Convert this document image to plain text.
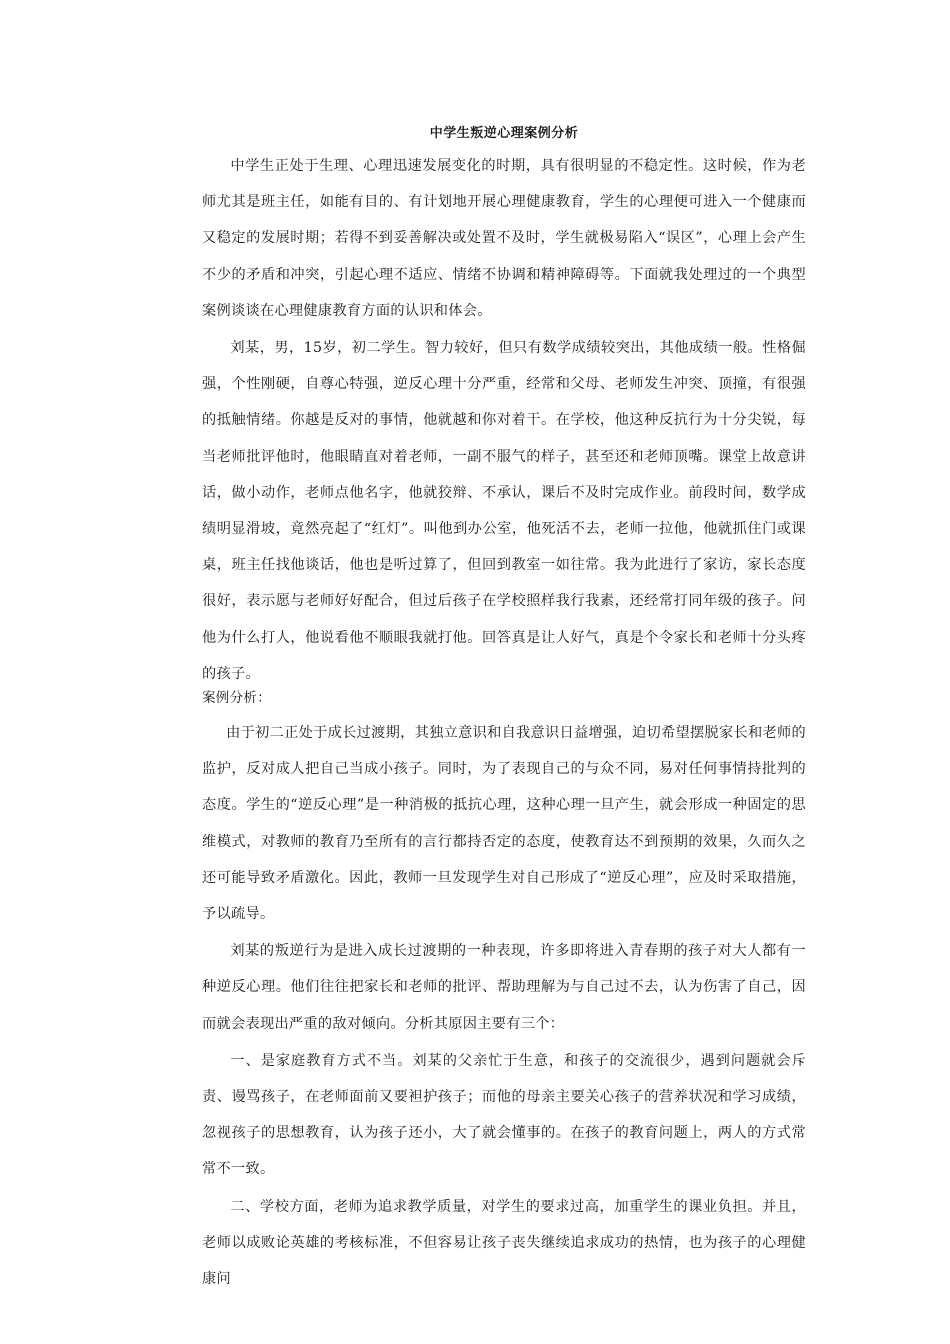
中学生叛逆心理案例分析

中学生正处于生理、心理迅速发展变化的时期，具有很明显的不稳定性。这时候，作为老师尤其是班主任，如能有目的、有计划地开展心理健康教育，学生的心理便可进入一个健康而又稳定的发展时期；若得不到妥善解决或处置不及时，学生就极易陷入“误区”，心理上会产生不少的矛盾和冲突，引起心理不适应、情绪不协调和精神障碍等。下面就我处理过的一个典型案例谈谈在心理健康教育方面的认识和体会。

刘某，男，15岁，初二学生。智力较好，但只有数学成绩较突出，其他成绩一般。性格倔强，个性刚硬，自尊心特强，逆反心理十分严重，经常和父母、老师发生冲突、顶撞，有很强的抵触情绪。你越是反对的事情，他就越和你对着干。在学校，他这种反抗行为十分尖锐，每当老师批评他时，他眼睛直对着老师，一副不服气的样子，甚至还和老师顶嘴。课堂上故意讲话，做小动作，老师点他名字，他就狡辩、不承认，课后不及时完成作业。前段时间，数学成绩明显滑坡，竟然亮起了“红灯”。叫他到办公室，他死活不去，老师一拉他，他就抓住门或课桌，班主任找他谈话，他也是听过算了，但回到教室一如往常。我为此进行了家访，家长态度很好，表示愿与老师好好配合，但过后孩子在学校照样我行我素，还经常打同年级的孩子。问他为什么打人，他说看他不顺眼我就打他。回答真是让人好气，真是个令家长和老师十分头疼的孩子。

案例分析：

由于初二正处于成长过渡期，其独立意识和自我意识日益增强，迫切希望摆脱家长和老师的监护，反对成人把自己当成小孩子。同时，为了表现自己的与众不同，易对任何事情持批判的态度。学生的“逆反心理”是一种消极的抵抗心理，这种心理一旦产生，就会形成一种固定的思维模式，对教师的教育乃至所有的言行都持否定的态度，使教育达不到预期的效果，久而久之还可能导致矛盾激化。因此，教师一旦发现学生对自己形成了“逆反心理”，应及时采取措施，予以疏导。

刘某的叛逆行为是进入成长过渡期的一种表现，许多即将进入青春期的孩子对大人都有一种逆反心理。他们往往把家长和老师的批评、帮助理解为与自己过不去，认为伤害了自己，因而就会表现出严重的敌对倾向。分析其原因主要有三个：

一、是家庭教育方式不当。刘某的父亲忙于生意，和孩子的交流很少，遇到问题就会斥责、谩骂孩子，在老师面前又要袒护孩子；而他的母亲主要关心孩子的营养状况和学习成绩，忽视孩子的思想教育，认为孩子还小，大了就会懂事的。在孩子的教育问题上，两人的方式常常不一致。

二、学校方面，老师为追求教学质量，对学生的要求过高，加重学生的课业负担。并且，老师以成败论英雄的考核标准，不但容易让孩子丧失继续追求成功的热情，也为孩子的心理健康问
